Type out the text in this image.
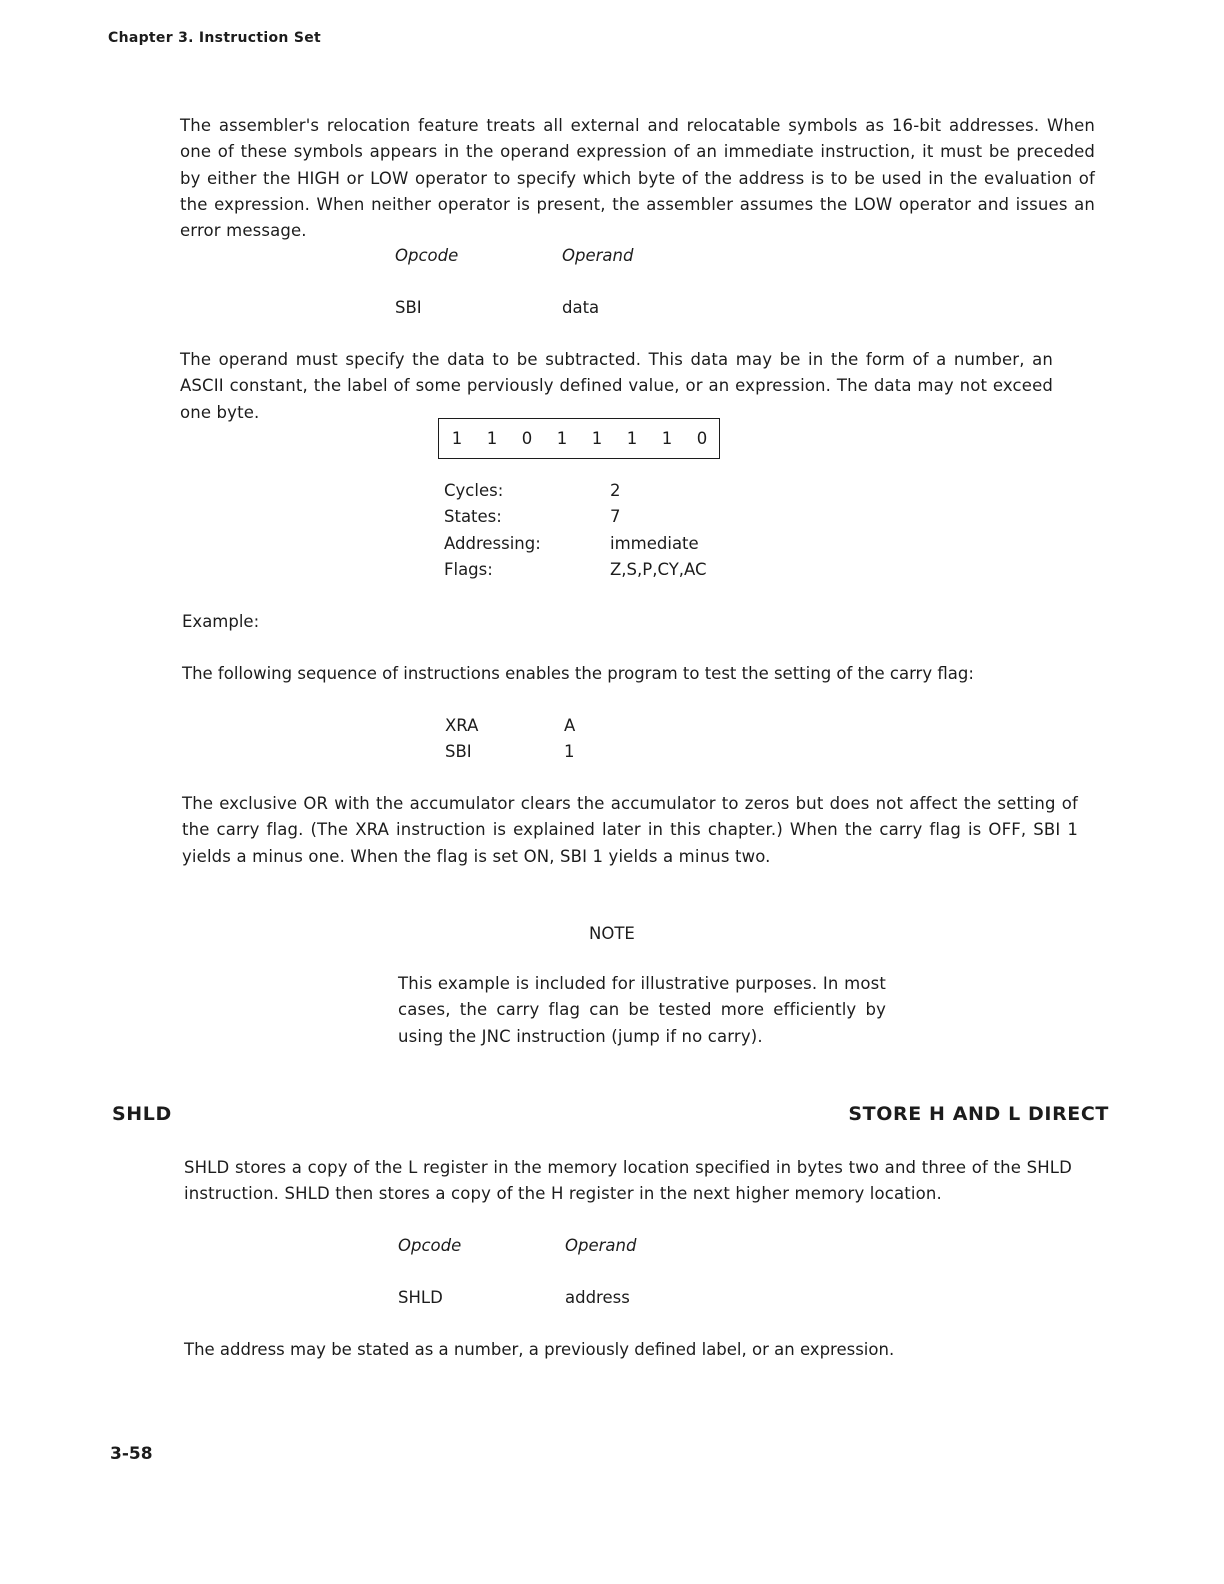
Chapter 3. Instruction Set
The assembler's relocation feature treats all external and relocatable symbols as 16-bit addresses. When one of these symbols appears in the operand expression of an immediate instruction, it must be preceded by either the HIGH or LOW operator to specify which byte of the address is to be used in the evaluation of the expression. When neither operator is present, the assembler assumes the LOW operator and issues an error message.
Opcode	Operand
SBI	data
The operand must specify the data to be subtracted. This data may be in the form of a number, an ASCII constant, the label of some perviously defined value, or an expression. The data may not exceed one byte.
1	1	0	1	1	1	1	0
Cycles:	2
States:	7
Addressing:	immediate
Flags:	Z,S,P,CY,AC
Example:
The following sequence of instructions enables the program to test the setting of the carry flag:
XRA	A
SBI	1
The exclusive OR with the accumulator clears the accumulator to zeros but does not affect the setting of the carry flag. (The XRA instruction is explained later in this chapter.) When the carry flag is OFF, SBI 1 yields a minus one. When the flag is set ON, SBI 1 yields a minus two.
NOTE
This example is included for illustrative purposes. In most cases, the carry flag can be tested more efficiently by using the JNC instruction (jump if no carry).
SHLD	STORE H AND L DIRECT
SHLD stores a copy of the L register in the memory location specified in bytes two and three of the SHLD instruction. SHLD then stores a copy of the H register in the next higher memory location.
Opcode	Operand
SHLD	address
The address may be stated as a number, a previously defined label, or an expression.
3-58
